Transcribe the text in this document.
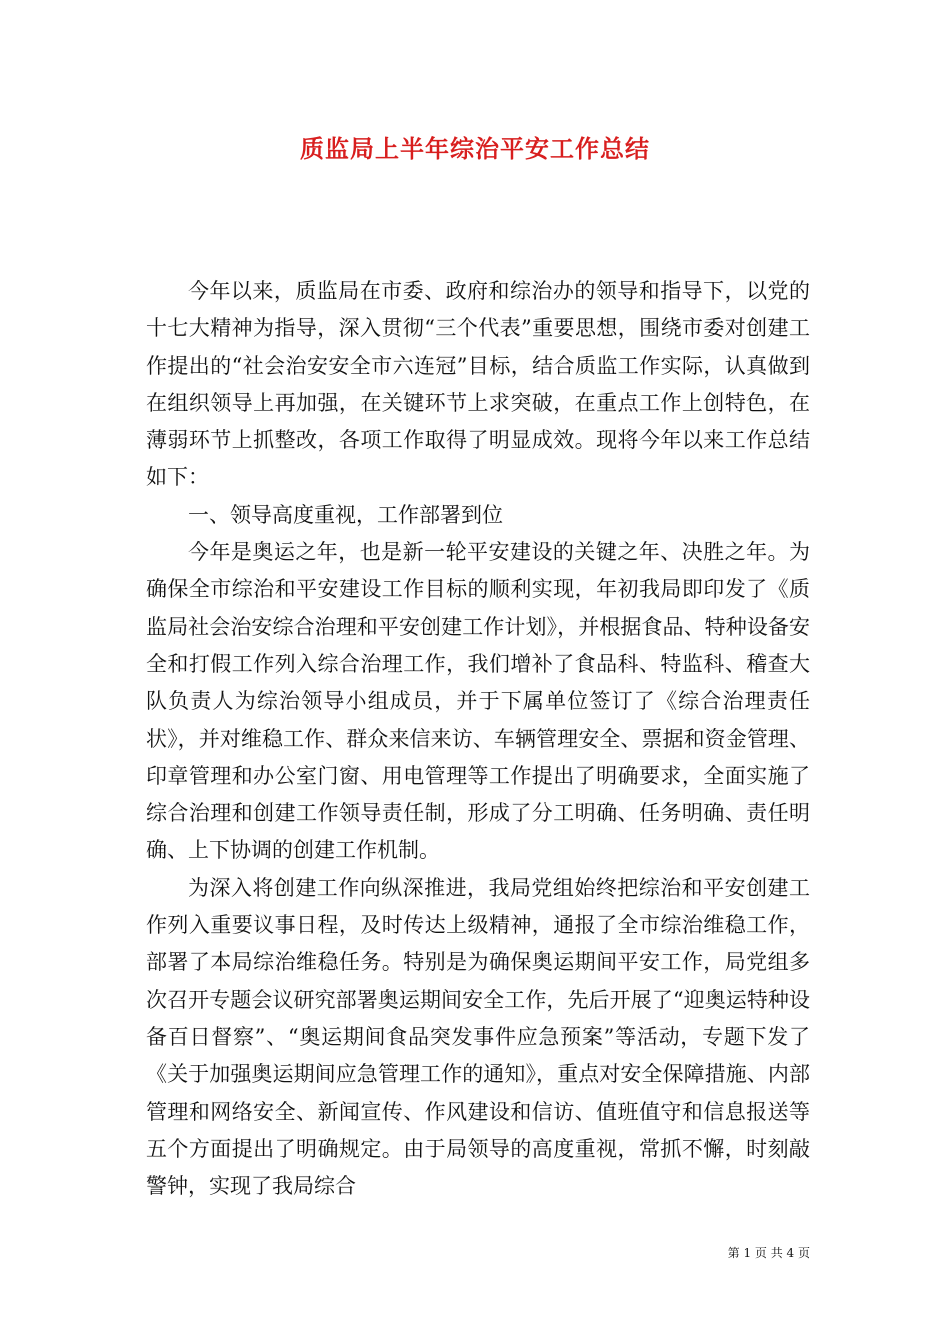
质监局上半年综治平安工作总结

今年以来，质监局在市委、政府和综治办的领导和指导下，以党的十七大精神为指导，深入贯彻“三个代表”重要思想，围绕市委对创建工作提出的“社会治安安全市六连冠”目标，结合质监工作实际，认真做到在组织领导上再加强，在关键环节上求突破，在重点工作上创特色，在薄弱环节上抓整改，各项工作取得了明显成效。现将今年以来工作总结如下：

一、领导高度重视，工作部署到位

今年是奥运之年，也是新一轮平安建设的关键之年、决胜之年。为确保全市综治和平安建设工作目标的顺利实现，年初我局即印发了《质监局社会治安综合治理和平安创建工作计划》，并根据食品、特种设备安全和打假工作列入综合治理工作，我们增补了食品科、特监科、稽查大队负责人为综治领导小组成员，并于下属单位签订了《综合治理责任状》，并对维稳工作、群众来信来访、车辆管理安全、票据和资金管理、印章管理和办公室门窗、用电管理等工作提出了明确要求，全面实施了综合治理和创建工作领导责任制，形成了分工明确、任务明确、责任明确、上下协调的创建工作机制。

为深入将创建工作向纵深推进，我局党组始终把综治和平安创建工作列入重要议事日程，及时传达上级精神，通报了全市综治维稳工作，部署了本局综治维稳任务。特别是为确保奥运期间平安工作，局党组多次召开专题会议研究部署奥运期间安全工作，先后开展了“迎奥运特种设备百日督察”、“奥运期间食品突发事件应急预案”等活动，专题下发了《关于加强奥运期间应急管理工作的通知》，重点对安全保障措施、内部管理和网络安全、新闻宣传、作风建设和信访、值班值守和信息报送等五个方面提出了明确规定。由于局领导的高度重视，常抓不懈，时刻敲警钟，实现了我局综合

第 1 页 共 4 页
